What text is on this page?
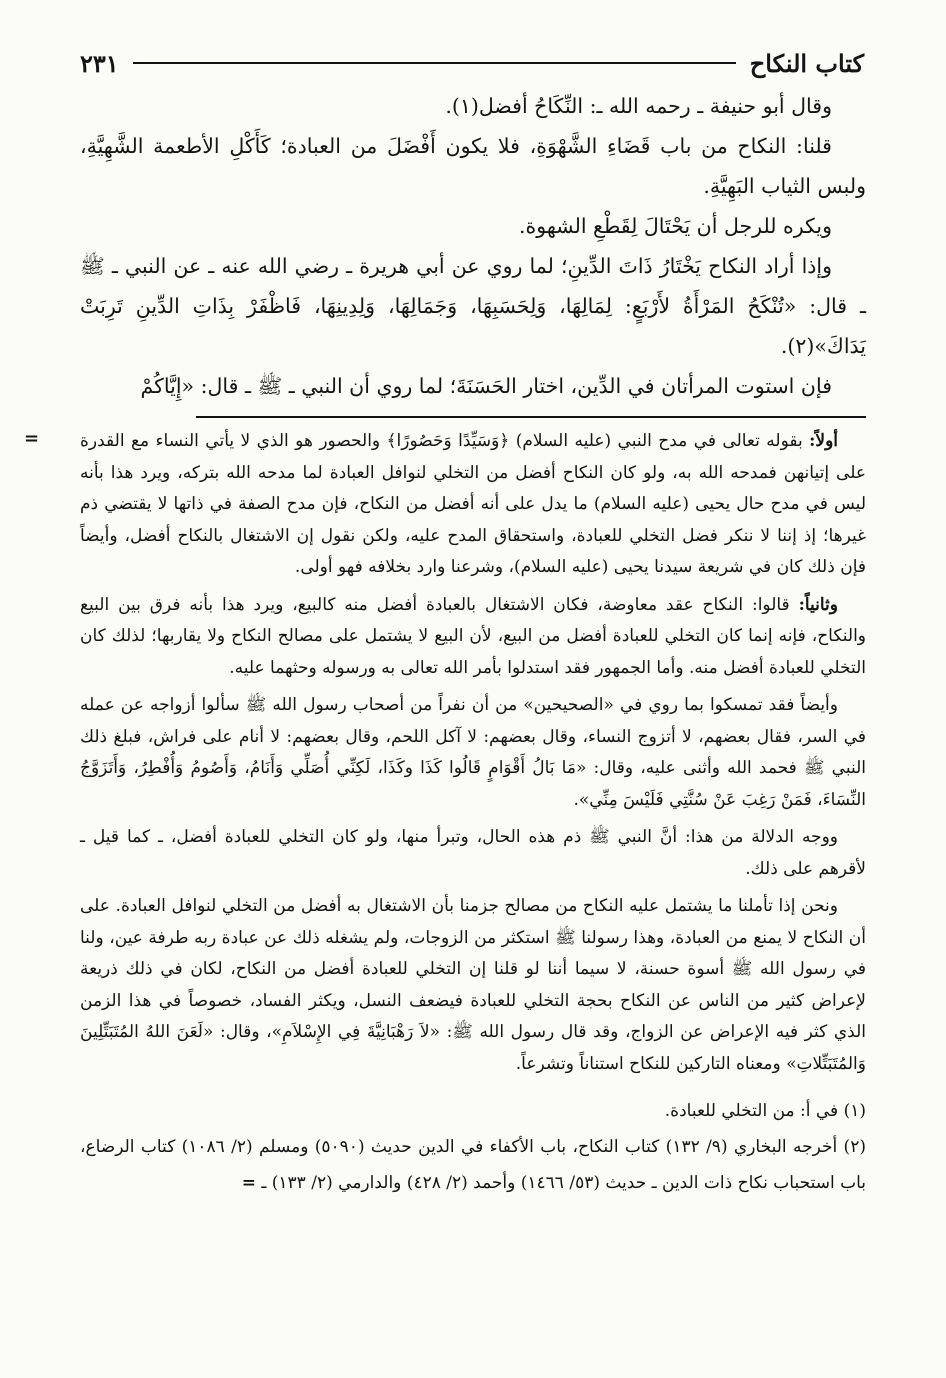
كتاب النكاح
٢٣١

وقال أبو حنيفة ـ رحمه الله ـ: النِّكَاحُ أفضل(١).

قلنا: النكاح من باب قَضَاءِ الشَّهْوَةِ، فلا يكون أَفْضَلَ من العبادة؛ كَأَكْلِ الأطعمة الشَّهِيَّةِ، ولبس الثياب البَهِيَّةِ.

ويكره للرجل أن يَحْتَالَ لِقَطْعِ الشهوة.

وإذا أراد النكاح يَخْتَارُ ذَاتَ الدِّينِ؛ لما روي عن أبي هريرة ـ رضي الله عنه ـ عن النبي ـ ﷺ ـ قال: «تُنْكَحُ المَرْأَةُ لأَرْبَعٍ: لِمَالِهَا، وَلِحَسَبِهَا، وَجَمَالِهَا، وَلِدِينِهَا، فَاظْفَرْ بِذَاتِ الدِّينِ تَرِبَتْ يَدَاكَ»(٢).

فإن استوت المرأتان في الدِّين، اختار الحَسَنَةَ؛ لما روي أن النبي ـ ﷺ ـ قال: «إِيَّاكُمْ

=	أولاً: بقوله تعالى في مدح النبي (عليه السلام) ﴿وَسَيِّدًا وَحَصُورًا﴾ والحصور هو الذي لا يأتي النساء مع القدرة على إتيانهن فمدحه الله به، ولو كان النكاح أفضل من التخلي لنوافل العبادة لما مدحه الله بتركه، ويرد هذا بأنه ليس في مدح حال يحيى (عليه السلام) ما يدل على أنه أفضل من النكاح، فإن مدح الصفة في ذاتها لا يقتضي ذم غيرها؛ إذ إننا لا ننكر فضل التخلي للعبادة، واستحقاق المدح عليه، ولكن نقول إن الاشتغال بالنكاح أفضل، وأيضاً فإن ذلك كان في شريعة سيدنا يحيى (عليه السلام)، وشرعنا وارد بخلافه فهو أولى.

وثانياً: قالوا: النكاح عقد معاوضة، فكان الاشتغال بالعبادة أفضل منه كالبيع، ويرد هذا بأنه فرق بين البيع والنكاح، فإنه إنما كان التخلي للعبادة أفضل من البيع، لأن البيع لا يشتمل على مصالح النكاح ولا يقاربها؛ لذلك كان التخلي للعبادة أفضل منه. وأما الجمهور فقد استدلوا بأمر الله تعالى به ورسوله وحثهما عليه.

وأيضاً فقد تمسكوا بما روي في «الصحيحين» من أن نفراً من أصحاب رسول الله ﷺ سألوا أزواجه عن عمله في السر، فقال بعضهم، لا أتزوج النساء، وقال بعضهم: لا آكل اللحم، وقال بعضهم: لا أنام على فراش، فبلغ ذلك النبي ﷺ فحمد الله وأثنى عليه، وقال: «مَا بَالُ أَقْوَامٍ قَالُوا كَذَا وكَذَا، لَكِنِّي أُصَلِّي وَأَنَامُ، وَأَصُومُ وَأُفْطِرُ، وَأَتَزَوَّجُ النِّسَاءَ، فَمَنْ رَغِبَ عَنْ سُنَّتِي فَلَيْسَ مِنِّي».

ووجه الدلالة من هذا: أنَّ النبي ﷺ ذم هذه الحال، وتبرأ منها، ولو كان التخلي للعبادة أفضل، ـ كما قيل ـ لأقرهم على ذلك.

ونحن إذا تأملنا ما يشتمل عليه النكاح من مصالح جزمنا بأن الاشتغال به أفضل من التخلي لنوافل العبادة. على أن النكاح لا يمنع من العبادة، وهذا رسولنا ﷺ استكثر من الزوجات، ولم يشغله ذلك عن عبادة ربه طرفة عين، ولنا في رسول الله ﷺ أسوة حسنة، لا سيما أننا لو قلنا إن التخلي للعبادة أفضل من النكاح، لكان في ذلك ذريعة لإعراض كثير من الناس عن النكاح بحجة التخلي للعبادة فيضعف النسل، ويكثر الفساد، خصوصاً في هذا الزمن الذي كثر فيه الإعراض عن الزواج، وقد قال رسول الله ﷺ: «لاَ رَهْبَانِيَّةَ فِي الإِسْلاَمِ»، وقال: «لَعَنَ اللهُ المُتَبَتِّلِينَ وَالمُتَبَتِّلاتِ» ومعناه التاركين للنكاح استناناً وتشرعاً.

(١) في أ: من التخلي للعبادة.

(٢) أخرجه البخاري (٩/ ١٣٢) كتاب النكاح، باب الأكفاء في الدين حديث (٥٠٩٠) ومسلم (٢/ ١٠٨٦) كتاب الرضاع، باب استحباب نكاح ذات الدين ـ حديث (٥٣/ ١٤٦٦) وأحمد (٢/ ٤٢٨) والدارمي (٢/ ١٣٣) ـ =
